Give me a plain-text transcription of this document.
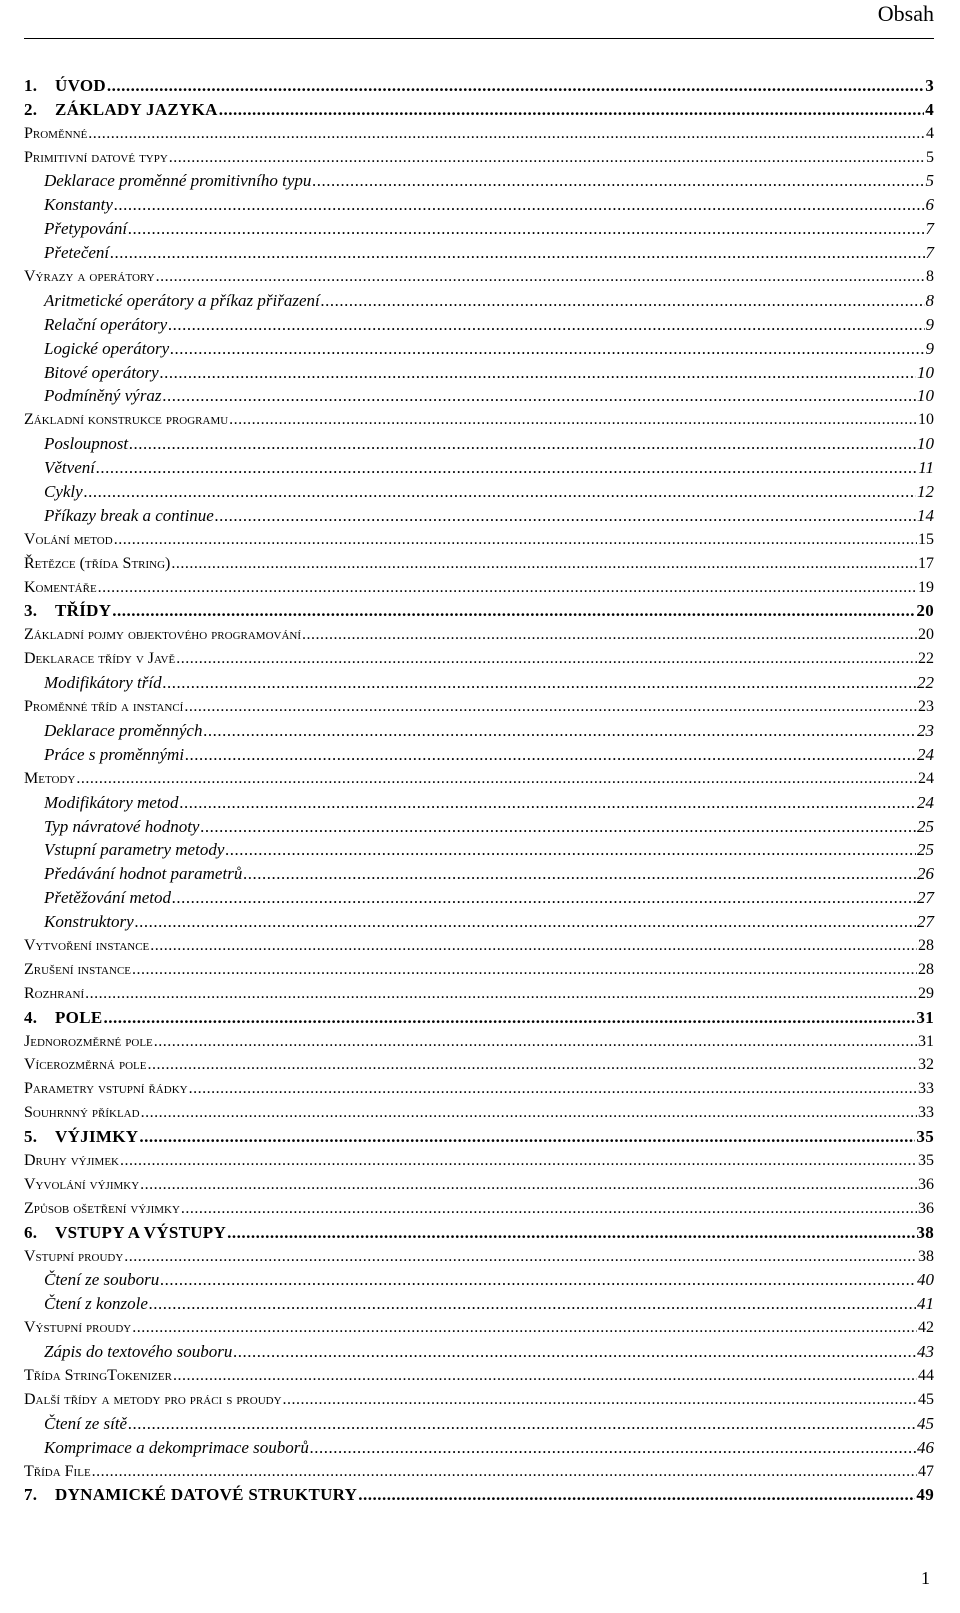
Obsah
1. ÚVOD .....	3
2. ZÁKLADY JAZYKA .....	4
Proměnné .....	4
Primitivní datové typy .....	5
Deklarace proměnné promitivního typu .....	5
Konstanty .....	6
Přetypování .....	7
Přetečení .....	7
Výrazy a operátory .....	8
Aritmetické operátory a příkaz přiřazení .....	8
Relační operátory .....	9
Logické operátory .....	9
Bitové operátory .....	10
Podmíněný výraz .....	10
Základní konstrukce programu .....	10
Posloupnost .....	10
Větvení .....	11
Cykly .....	12
Příkazy break a continue .....	14
Volání metod .....	15
Řetězce (třída String) .....	17
Komentáře .....	19
3. TŘÍDY .....	20
Základní pojmy objektového programování .....	20
Deklarace třídy v Javě .....	22
Modifikátory tříd .....	22
Proměnné tříd a instancí .....	23
Deklarace proměnných .....	23
Práce s proměnnými .....	24
Metody .....	24
Modifikátory metod .....	24
Typ návratové hodnoty .....	25
Vstupní parametry metody .....	25
Předávání hodnot parametrů .....	26
Přetěžování metod .....	27
Konstruktory .....	27
Vytvoření instance .....	28
Zrušení instance .....	28
Rozhraní .....	29
4. POLE .....	31
Jednorozměrné pole .....	31
Vícerozměrná pole .....	32
Parametry vstupní řádky .....	33
Souhrnný příklad .....	33
5. VÝJIMKY .....	35
Druhy výjimek .....	35
Vyvolání výjimky .....	36
Způsob ošetření výjimky .....	36
6. VSTUPY A VÝSTUPY .....	38
Vstupní proudy .....	38
Čtení ze souboru .....	40
Čtení z konzole .....	41
Výstupní proudy .....	42
Zápis do textového souboru .....	43
Třída StringTokenizer .....	44
Další třídy a metody pro práci s proudy .....	45
Čtení ze sítě .....	45
Komprimace a dekomprimace souborů .....	46
Třída File .....	47
7. DYNAMICKÉ DATOVÉ STRUKTURY .....	49
1
